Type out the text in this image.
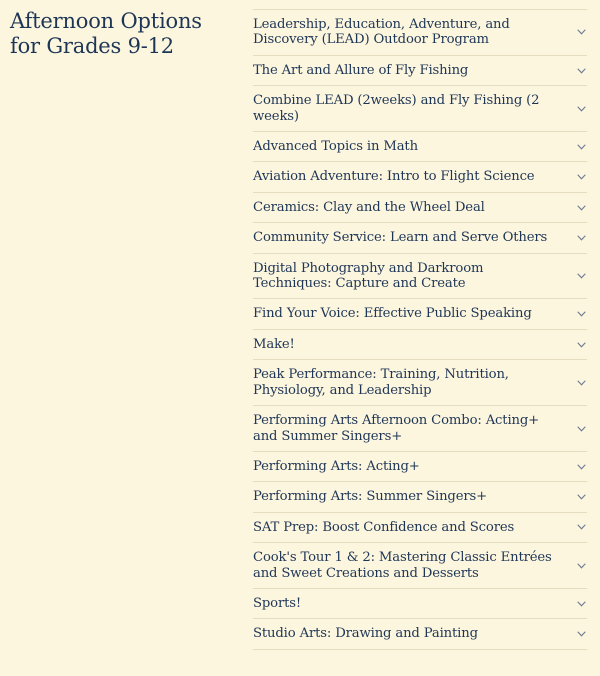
Afternoon Options for Grades 9-12
Leadership, Education, Adventure, and Discovery (LEAD) Outdoor Program
The Art and Allure of Fly Fishing
Combine LEAD (2weeks) and Fly Fishing (2 weeks)
Advanced Topics in Math
Aviation Adventure: Intro to Flight Science
Ceramics: Clay and the Wheel Deal
Community Service: Learn and Serve Others
Digital Photography and Darkroom Techniques: Capture and Create
Find Your Voice: Effective Public Speaking
Make!
Peak Performance: Training, Nutrition, Physiology, and Leadership
Performing Arts Afternoon Combo: Acting+ and Summer Singers+
Performing Arts: Acting+
Performing Arts: Summer Singers+
SAT Prep: Boost Confidence and Scores
Cook's Tour 1 & 2: Mastering Classic Entrées and Sweet Creations and Desserts
Sports!
Studio Arts: Drawing and Painting
